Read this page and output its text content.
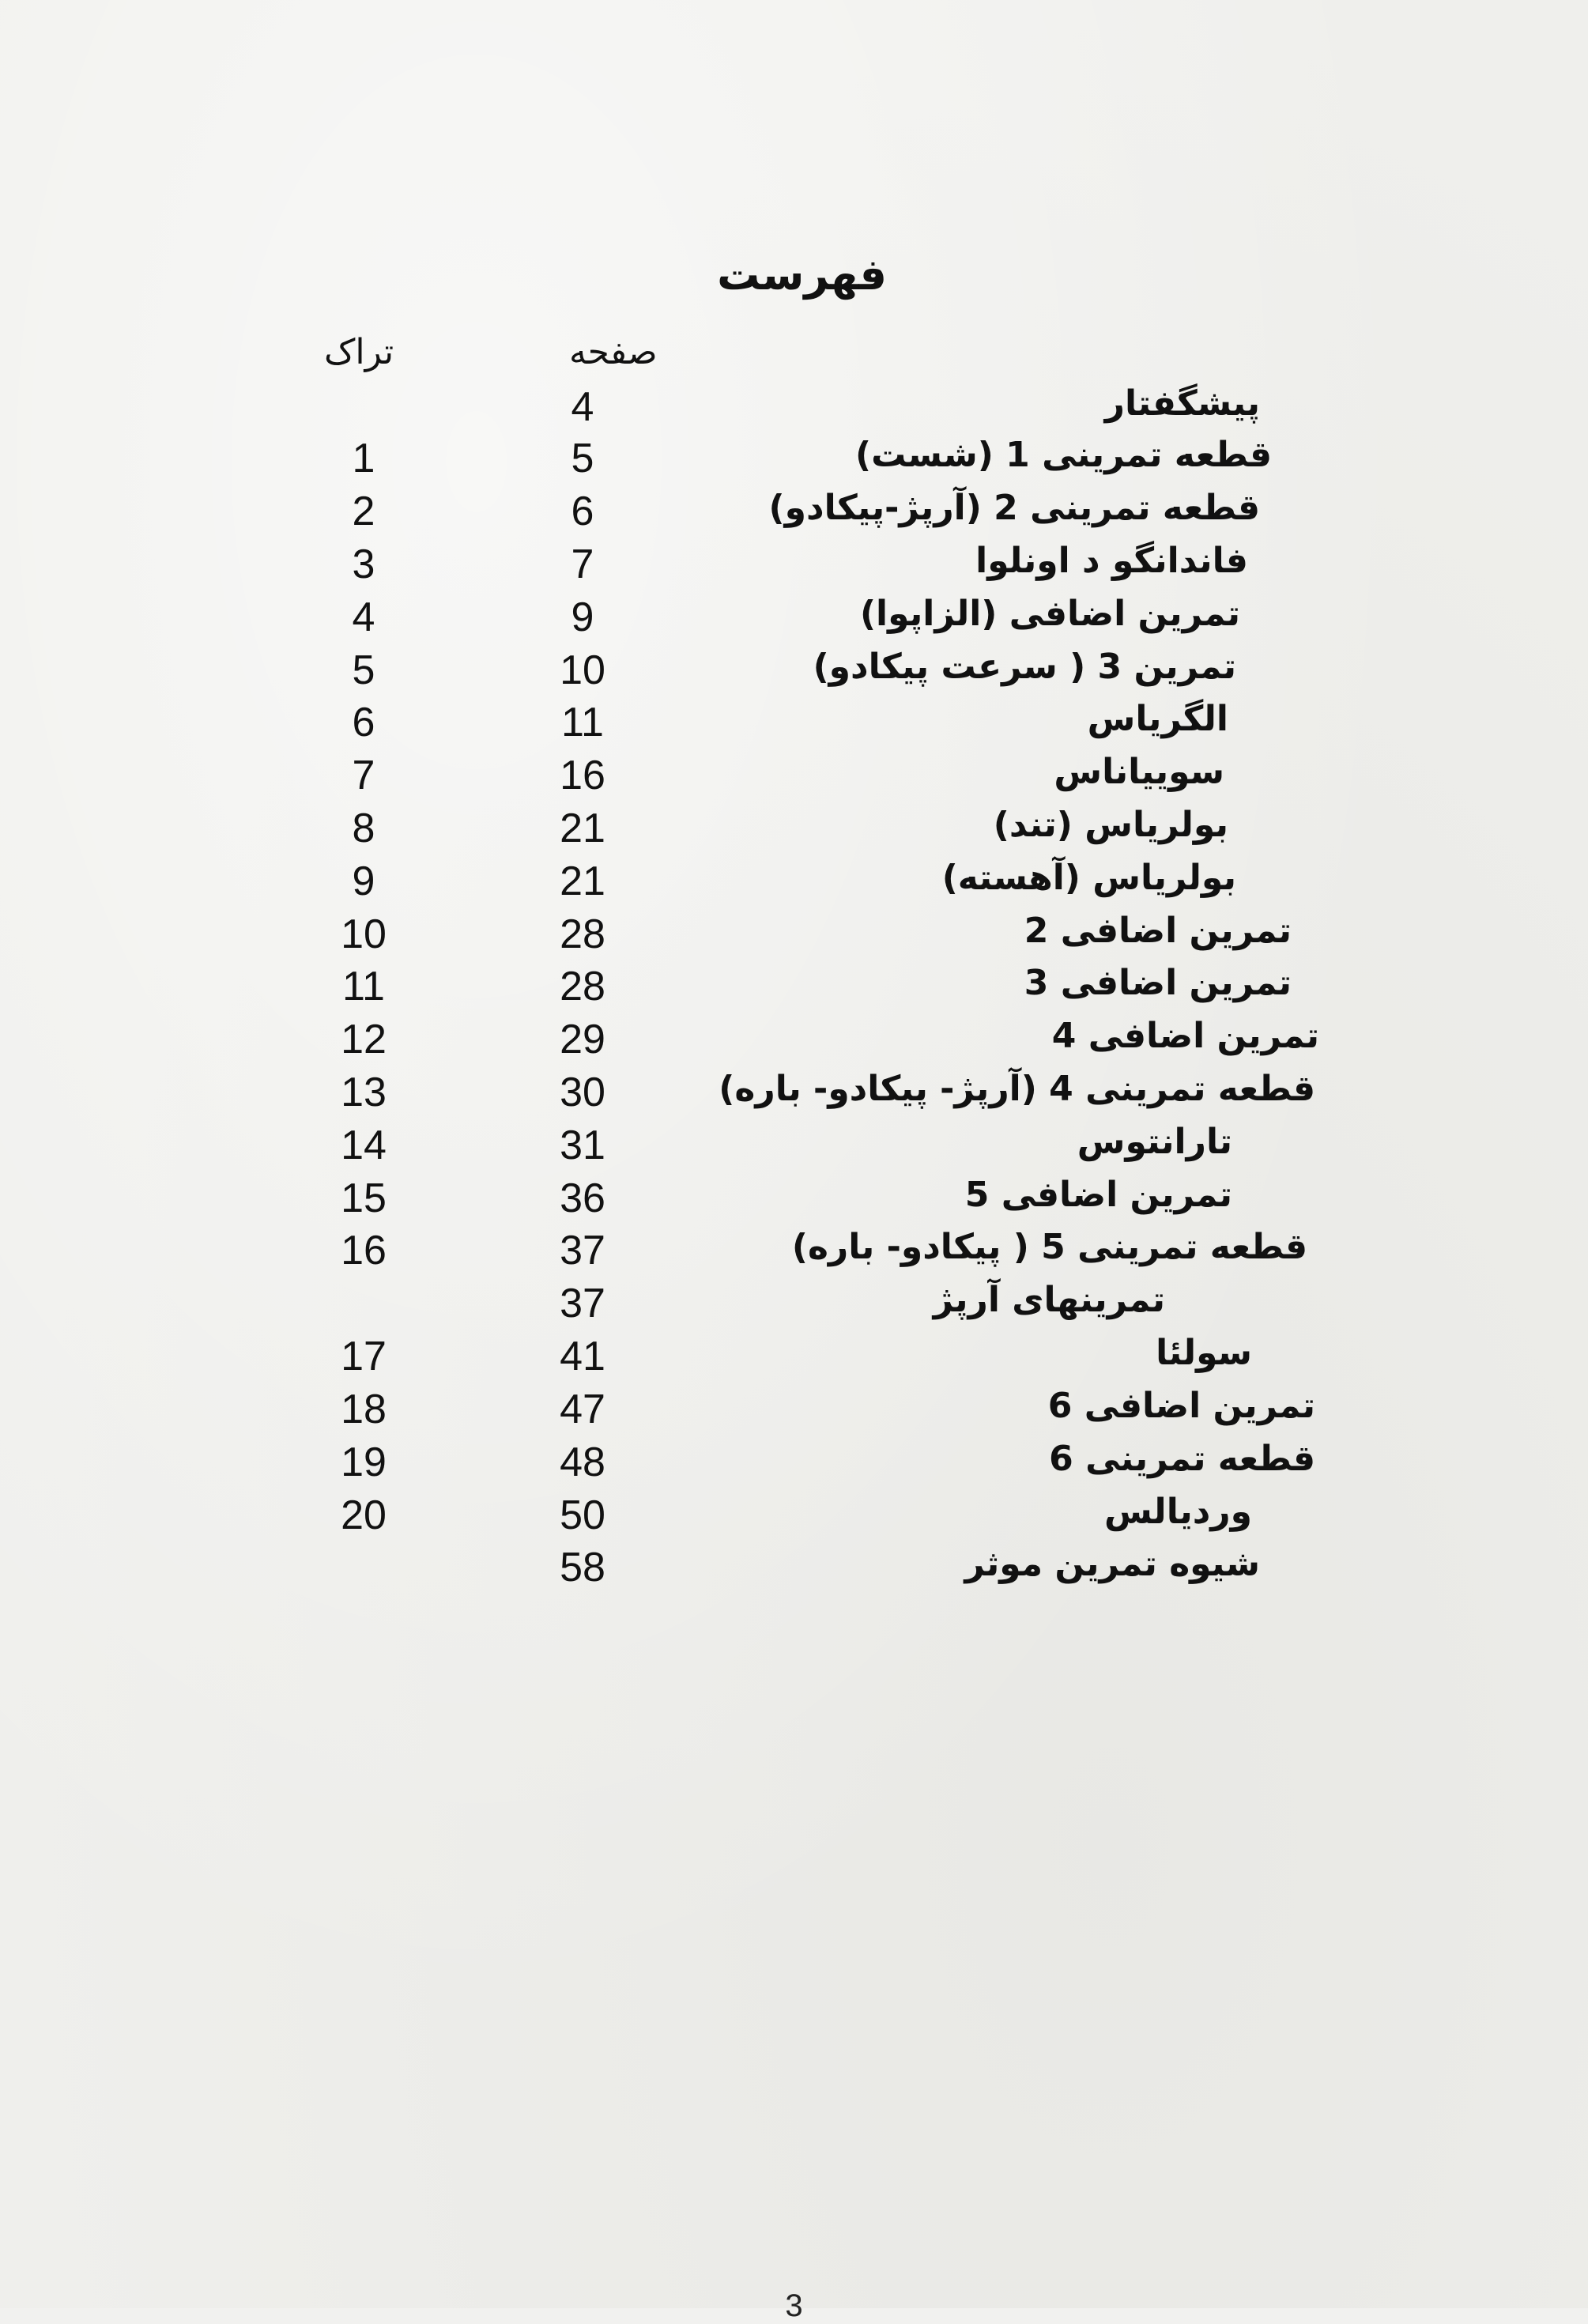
فهرست
صفحه
تراک
پیشگفتار
4
قطعه تمرینی 1 (شست)
5
1
قطعه تمرینی 2 (آرپژ-پیکادو)
6
2
فاندانگو د اونلوا
7
3
تمرین اضافی (الزاپوا)
9
4
تمرین 3 ( سرعت پیکادو)
10
5
الگریاس
11
6
سوییاناس
16
7
بولریاس (تند)
21
8
بولریاس (آهسته)
21
9
تمرین اضافی 2
28
10
تمرین اضافی 3
28
11
تمرین اضافی 4
29
12
قطعه تمرینی 4 (آرپژ- پیکادو- باره)
30
13
تارانتوس
31
14
تمرین اضافی 5
36
15
قطعه تمرینی 5 ( پیکادو- باره)
37
16
تمرینهای آرپژ
37
سولئا
41
17
تمرین اضافی 6
47
18
قطعه تمرینی 6
48
19
وردیالس
50
20
شیوه تمرین موثر
58
3
